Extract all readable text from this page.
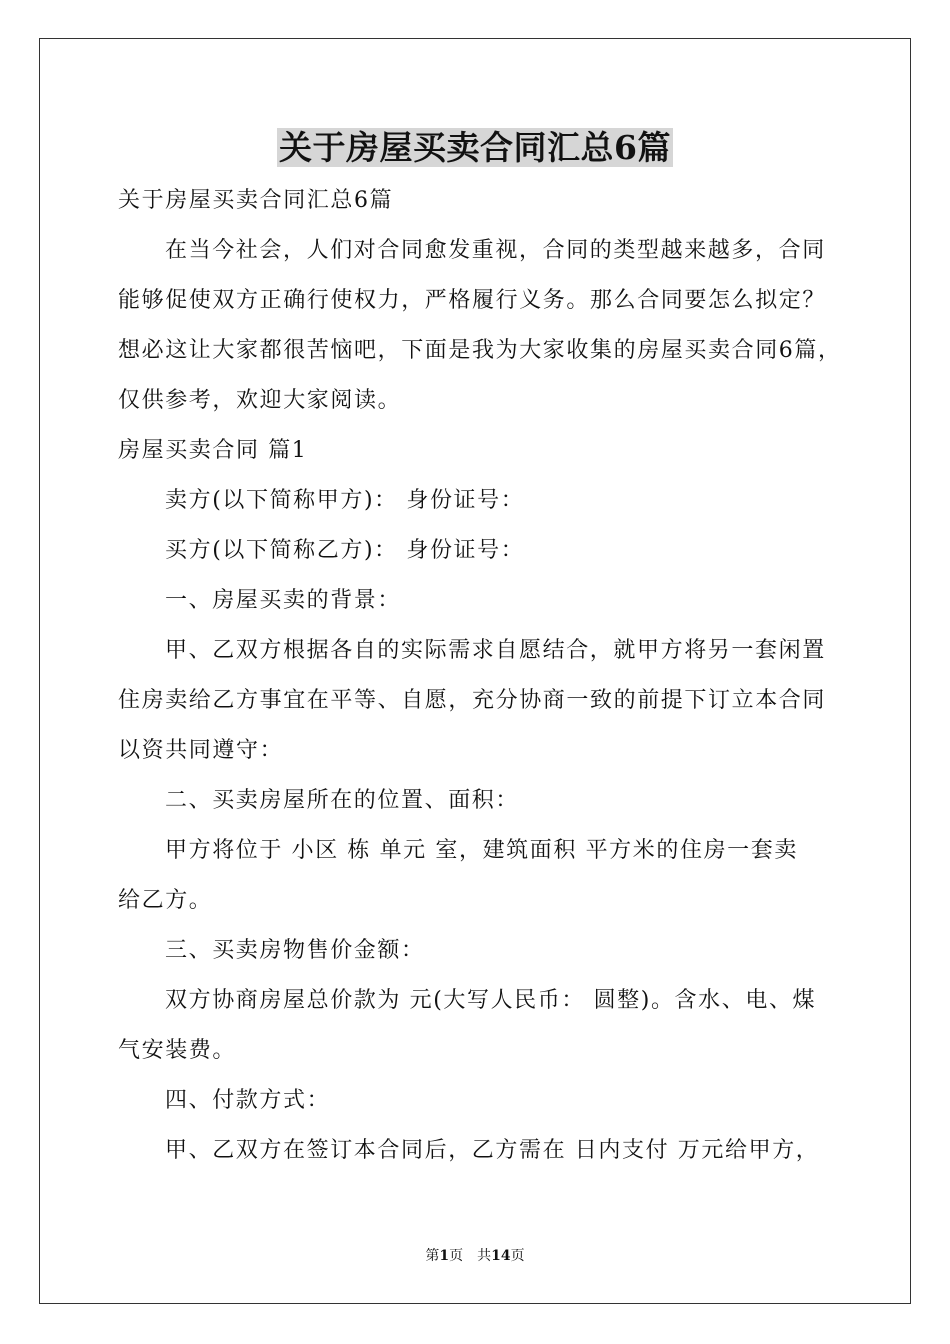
关于房屋买卖合同汇总6篇
关于房屋买卖合同汇总6篇
在当今社会，人们对合同愈发重视，合同的类型越来越多，合同
能够促使双方正确行使权力，严格履行义务。那么合同要怎么拟定？
想必这让大家都很苦恼吧，下面是我为大家收集的房屋买卖合同6篇，
仅供参考，欢迎大家阅读。
房屋买卖合同 篇1
卖方(以下简称甲方)： 身份证号：
买方(以下简称乙方)： 身份证号：
一、房屋买卖的背景：
甲、乙双方根据各自的实际需求自愿结合，就甲方将另一套闲置
住房卖给乙方事宜在平等、自愿，充分协商一致的前提下订立本合同
以资共同遵守：
二、买卖房屋所在的位置、面积：
甲方将位于 小区 栋 单元 室，建筑面积 平方米的住房一套卖
给乙方。
三、买卖房物售价金额：
双方协商房屋总价款为 元(大写人民币： 圆整)。含水、电、煤
气安装费。
四、付款方式：
甲、乙双方在签订本合同后，乙方需在 日内支付 万元给甲方，
第1页　共14页
